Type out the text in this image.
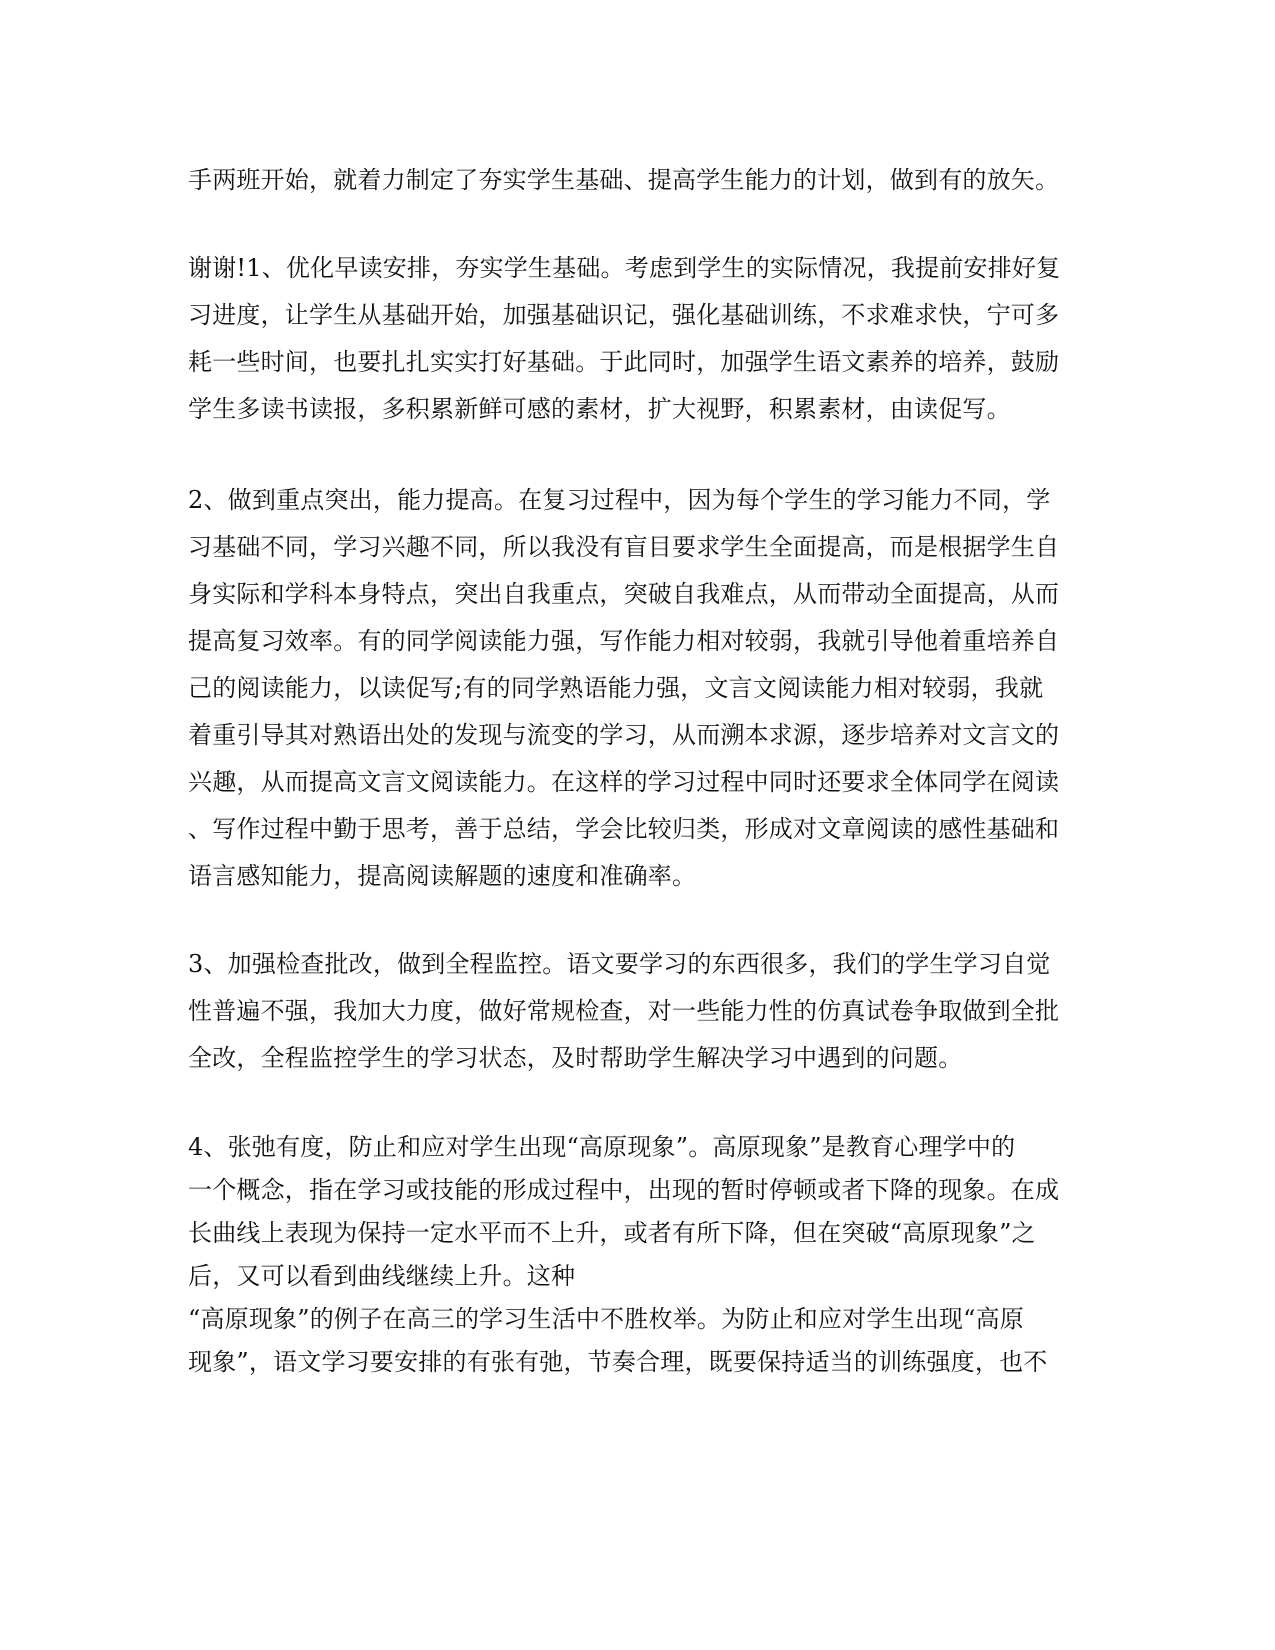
手两班开始，就着力制定了夯实学生基础、提高学生能力的计划，做到有的放矢。
谢谢!1、优化早读安排，夯实学生基础。考虑到学生的实际情况，我提前安排好复
习进度，让学生从基础开始，加强基础识记，强化基础训练，不求难求快，宁可多
耗一些时间，也要扎扎实实打好基础。于此同时，加强学生语文素养的培养，鼓励
学生多读书读报，多积累新鲜可感的素材，扩大视野，积累素材，由读促写。
2、做到重点突出，能力提高。在复习过程中，因为每个学生的学习能力不同，学
习基础不同，学习兴趣不同，所以我没有盲目要求学生全面提高，而是根据学生自
身实际和学科本身特点，突出自我重点，突破自我难点，从而带动全面提高，从而
提高复习效率。有的同学阅读能力强，写作能力相对较弱，我就引导他着重培养自
己的阅读能力，以读促写;有的同学熟语能力强，文言文阅读能力相对较弱，我就
着重引导其对熟语出处的发现与流变的学习，从而溯本求源，逐步培养对文言文的
兴趣，从而提高文言文阅读能力。在这样的学习过程中同时还要求全体同学在阅读
、写作过程中勤于思考，善于总结，学会比较归类，形成对文章阅读的感性基础和
语言感知能力，提高阅读解题的速度和准确率。
3、加强检查批改，做到全程监控。语文要学习的东西很多，我们的学生学习自觉
性普遍不强，我加大力度，做好常规检查，对一些能力性的仿真试卷争取做到全批
全改，全程监控学生的学习状态，及时帮助学生解决学习中遇到的问题。
4、张弛有度，防止和应对学生出现“高原现象”。高原现象”是教育心理学中的
一个概念，指在学习或技能的形成过程中，出现的暂时停顿或者下降的现象。在成
长曲线上表现为保持一定水平而不上升，或者有所下降，但在突破“高原现象”之
后，又可以看到曲线继续上升。这种
“高原现象”的例子在高三的学习生活中不胜枚举。为防止和应对学生出现“高原
现象”，语文学习要安排的有张有弛，节奏合理，既要保持适当的训练强度，也不
